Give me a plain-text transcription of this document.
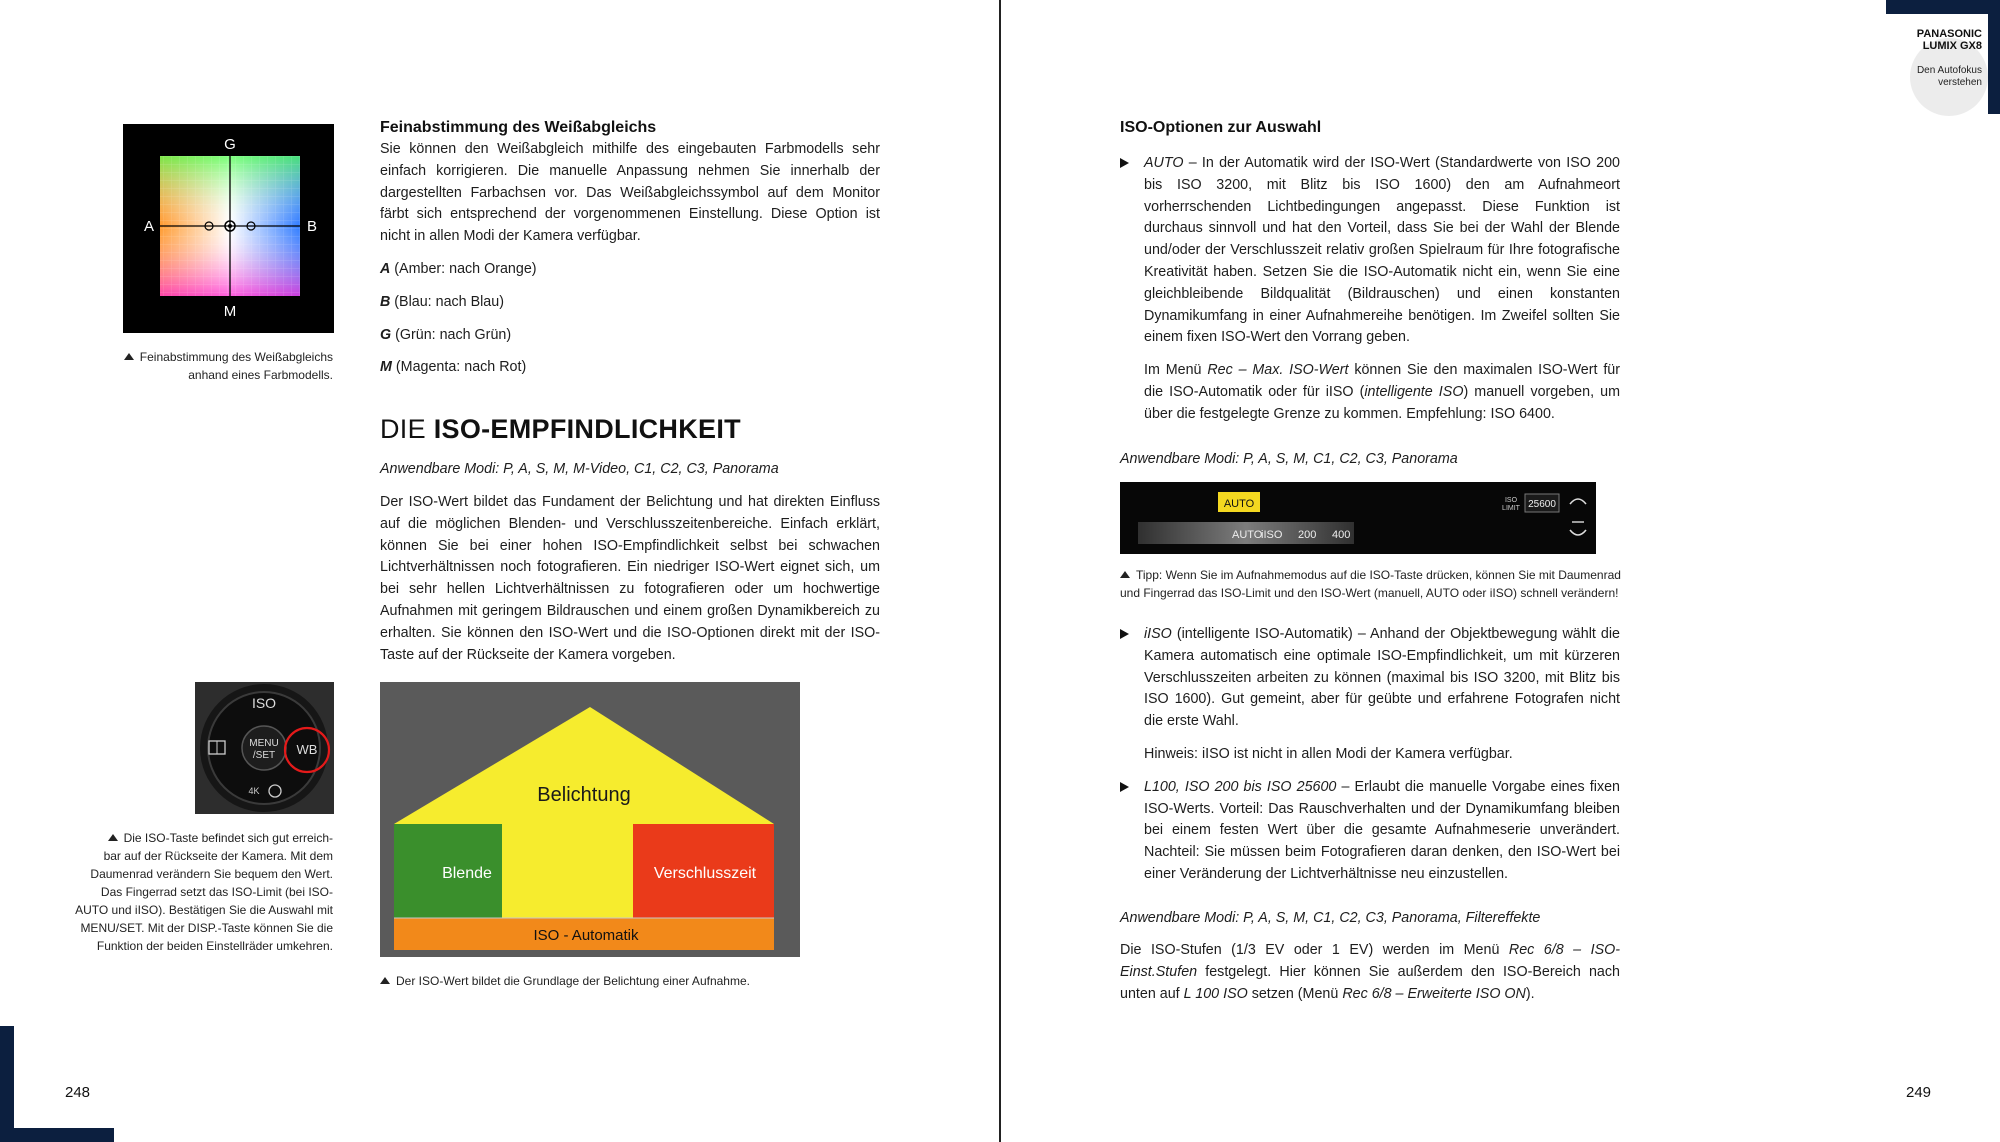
PANASONIC
LUMIX GX8
Den Autofokus
verstehen
G
A	B
M
Feinabstimmung des Weißabgleichs
anhand eines Farbmodells.
Feinabstimmung des Weißabgleichs

Sie können den Weißabgleich mithilfe des eingebauten Farbmodells sehr einfach korrigieren. Die manuelle Anpassung nehmen Sie innerhalb der dargestellten Farbachsen vor. Das Weißabgleichssymbol auf dem Monitor färbt sich entsprechend der vorgenommenen Einstellung. Diese Option ist nicht in allen Modi der Kamera verfügbar.

A (Amber: nach Orange)

B (Blau: nach Blau)

G (Grün: nach Grün)

M (Magenta: nach Rot)

DIE ISO-EMPFINDLICHKEIT
Anwendbare Modi: P, A, S, M, M-Video, C1, C2, C3, Panorama

Der ISO-Wert bildet das Fundament der Belichtung und hat direkten Einfluss auf die möglichen Blenden- und Verschlusszeitenbereiche. Einfach erklärt, können Sie bei einer hohen ISO-Empfindlichkeit selbst bei schwachen Lichtverhältnissen noch fotografieren. Ein niedriger ISO-Wert eignet sich, um bei sehr hellen Lichtverhältnissen zu fotografieren oder um hochwertige Aufnahmen mit geringem Bildrauschen und einem großen Dynamikbereich zu erhalten. Sie können den ISO-Wert und die ISO-Optionen direkt mit der ISO-Taste auf der Rückseite der Kamera vorgeben.

ISO
MENU
/SET WB
4K
Die ISO-Taste befindet sich gut erreich-
bar auf der Rückseite der Kamera. Mit dem
Daumenrad verändern Sie bequem den Wert.
Das Fingerrad setzt das ISO-Limit (bei ISO-
AUTO und iISO). Bestätigen Sie die Auswahl mit
MENU/SET. Mit der DISP.-Taste können Sie die
Funktion der beiden Einstellräder umkehren.
Belichtung
Blende	Verschlusszeit
ISO - Automatik
Der ISO-Wert bildet die Grundlage der Belichtung einer Aufnahme.
248
ISO-Optionen zur Auswahl

AUTO – In der Automatik wird der ISO-Wert (Standardwerte von ISO 200 bis ISO 3200, mit Blitz bis ISO 1600) den am Aufnahmeort vorherrschenden Lichtbedingungen angepasst. Diese Funktion ist durchaus sinnvoll und hat den Vorteil, dass Sie bei der Wahl der Blende und/oder der Verschlusszeit relativ großen Spielraum für Ihre fotografische Kreativität haben. Setzen Sie die ISO-Automatik nicht ein, wenn Sie eine gleichbleibende Bildqualität (Bildrauschen) und einen konstanten Dynamikumfang in einer Aufnahmereihe benötigen. Im Zweifel sollten Sie einem fixen ISO-Wert den Vorrang geben.

Im Menü Rec – Max. ISO-Wert können Sie den maximalen ISO-Wert für die ISO-Automatik oder für iISO (intelligente ISO) manuell vorgeben, um über die festgelegte Grenze zu kommen. Empfehlung: ISO 6400.

Anwendbare Modi: P, A, S, M, C1, C2, C3, Panorama
AUTO
AUTO
iISO 200 400
ISO
LIMIT 25600
Tipp: Wenn Sie im Aufnahmemodus auf die ISO-Taste drücken, können Sie mit Daumenrad
und Fingerrad das ISO-Limit und den ISO-Wert (manuell, AUTO oder iISO) schnell verändern!

iISO (intelligente ISO-Automatik) – Anhand der Objektbewegung wählt die Kamera automatisch eine optimale ISO-Empfindlichkeit, um mit kürzeren Verschlusszeiten arbeiten zu können (maximal bis ISO 3200, mit Blitz bis ISO 1600). Gut gemeint, aber für geübte und erfahrene Fotografen nicht die erste Wahl.

Hinweis: iISO ist nicht in allen Modi der Kamera verfügbar.

L100, ISO 200 bis ISO 25600 – Erlaubt die manuelle Vorgabe eines fixen ISO-Werts. Vorteil: Das Rauschverhalten und der Dynamikumfang bleiben bei einem festen Wert über die gesamte Aufnahmeserie unverändert. Nachteil: Sie müssen beim Fotografieren daran denken, den ISO-Wert bei einer Veränderung der Lichtverhältnisse neu einzustellen.

Anwendbare Modi: P, A, S, M, C1, C2, C3, Panorama, Filtereffekte

Die ISO-Stufen (1/3 EV oder 1 EV) werden im Menü Rec 6/8 – ISO-Einst.Stufen festgelegt. Hier können Sie außerdem den ISO-Bereich nach unten auf L 100 ISO setzen (Menü Rec 6/8 – Erweiterte ISO ON).

249
